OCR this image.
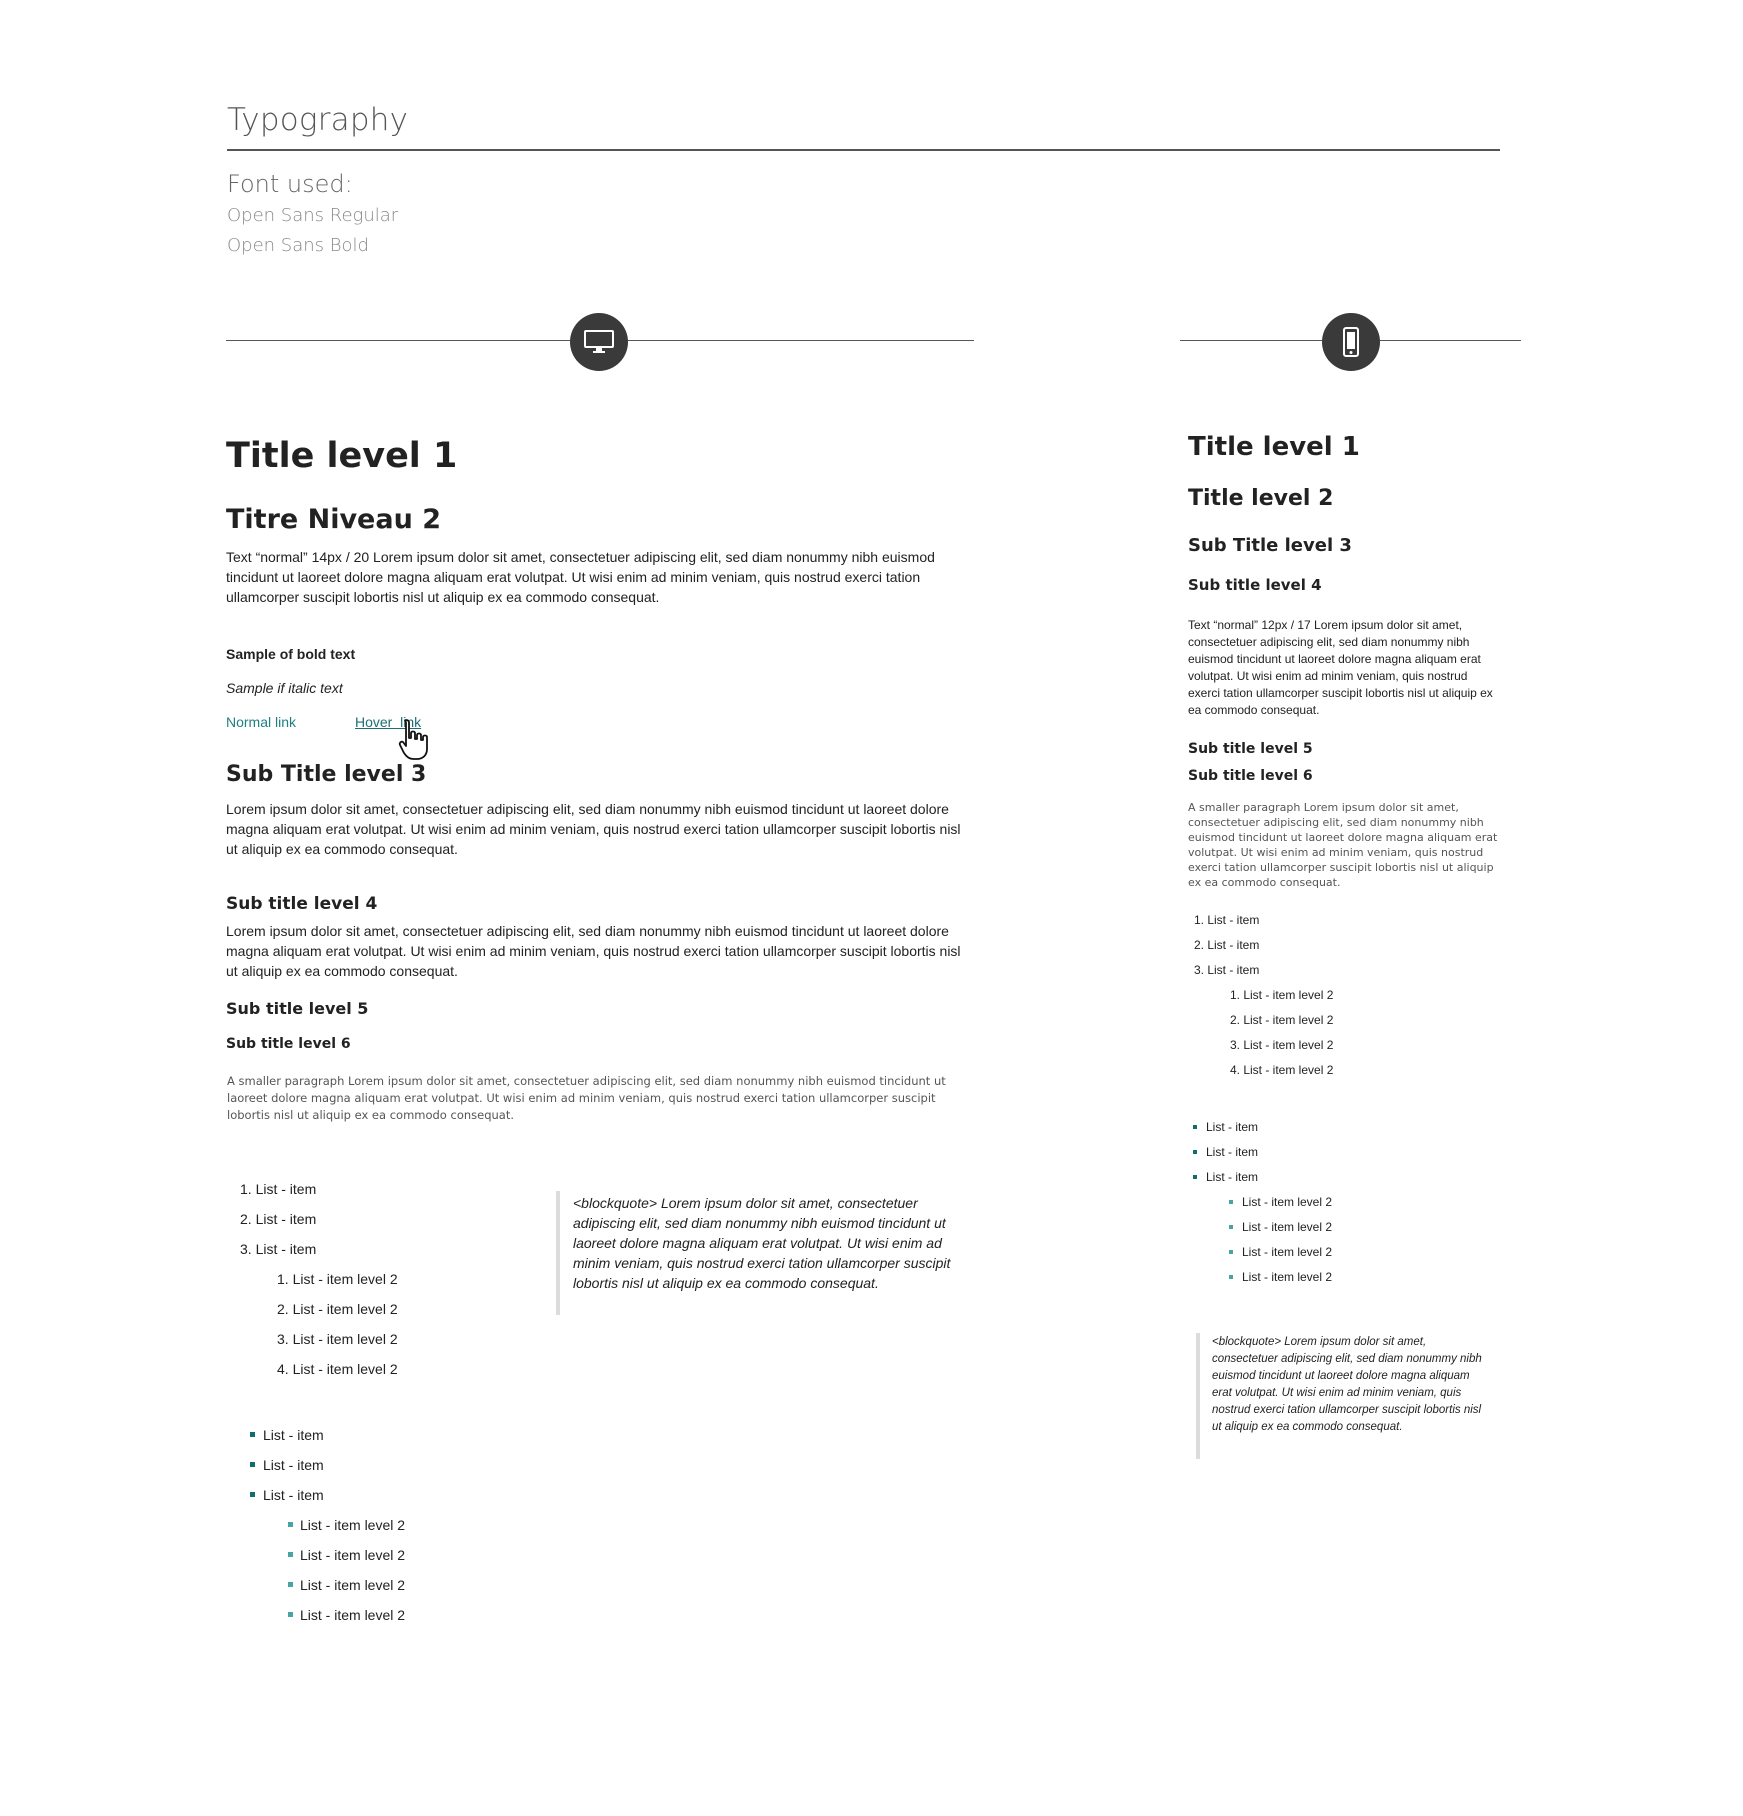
Typography
Font used:
Open Sans Regular
Open Sans Bold
Title level 1
Titre Niveau 2
Text “normal” 14px / 20 Lorem ipsum dolor sit amet, consectetuer adipiscing elit, sed diam nonummy nibh euismod tincidunt ut laoreet dolore magna aliquam erat volutpat. Ut wisi enim ad minim veniam, quis nostrud exerci tation ullamcorper suscipit lobortis nisl ut aliquip ex ea commodo consequat.
Sample of bold text
Sample if italic text
Normal link	Hover  link
Sub Title level 3
Lorem ipsum dolor sit amet, consectetuer adipiscing elit, sed diam nonummy nibh euismod tincidunt ut laoreet dolore magna aliquam erat volutpat. Ut wisi enim ad minim veniam, quis nostrud exerci tation ullamcorper suscipit lobortis nisl ut aliquip ex ea commodo consequat.
Sub title level 4
Lorem ipsum dolor sit amet, consectetuer adipiscing elit, sed diam nonummy nibh euismod tincidunt ut laoreet dolore magna aliquam erat volutpat. Ut wisi enim ad minim veniam, quis nostrud exerci tation ullamcorper suscipit lobortis nisl ut aliquip ex ea commodo consequat.
Sub title level 5
Sub title level 6
A smaller paragraph Lorem ipsum dolor sit amet, consectetuer adipiscing elit, sed diam nonummy nibh euismod tincidunt ut laoreet dolore magna aliquam erat volutpat. Ut wisi enim ad minim veniam, quis nostrud exerci tation ullamcorper suscipit lobortis nisl ut aliquip ex ea commodo consequat.
1. List - item
2. List - item
3. List - item
1. List - item level 2
2. List - item level 2
3. List - item level 2
4. List - item level 2
List - item
List - item
List - item
List - item level 2
List - item level 2
List - item level 2
List - item level 2
<blockquote> Lorem ipsum dolor sit amet, consectetuer adipiscing elit, sed diam nonummy nibh euismod tincidunt ut laoreet dolore magna aliquam erat volutpat. Ut wisi enim ad minim veniam, quis nostrud exerci tation ullamcorper suscipit lobortis nisl ut aliquip ex ea commodo consequat.
Title level 1
Title level 2
Sub Title level 3
Sub title level 4
Text “normal” 12px / 17 Lorem ipsum dolor sit amet, consectetuer adipiscing elit, sed diam nonummy nibh euismod tincidunt ut laoreet dolore magna aliquam erat volutpat. Ut wisi enim ad minim veniam, quis nostrud exerci tation ullamcorper suscipit lobortis nisl ut aliquip ex ea commodo consequat.
Sub title level 5
Sub title level 6
A smaller paragraph Lorem ipsum dolor sit amet, consectetuer adipiscing elit, sed diam nonummy nibh euismod tincidunt ut laoreet dolore magna aliquam erat volutpat. Ut wisi enim ad minim veniam, quis nostrud exerci tation ullamcorper suscipit lobortis nisl ut aliquip ex ea commodo consequat.
1. List - item
2. List - item
3. List - item
1. List - item level 2
2. List - item level 2
3. List - item level 2
4. List - item level 2
List - item
List - item
List - item
List - item level 2
List - item level 2
List - item level 2
List - item level 2
<blockquote> Lorem ipsum dolor sit amet, consectetuer adipiscing elit, sed diam nonummy nibh euismod tincidunt ut laoreet dolore magna aliquam erat volutpat. Ut wisi enim ad minim veniam, quis nostrud exerci tation ullamcorper suscipit lobortis nisl ut aliquip ex ea commodo consequat.
